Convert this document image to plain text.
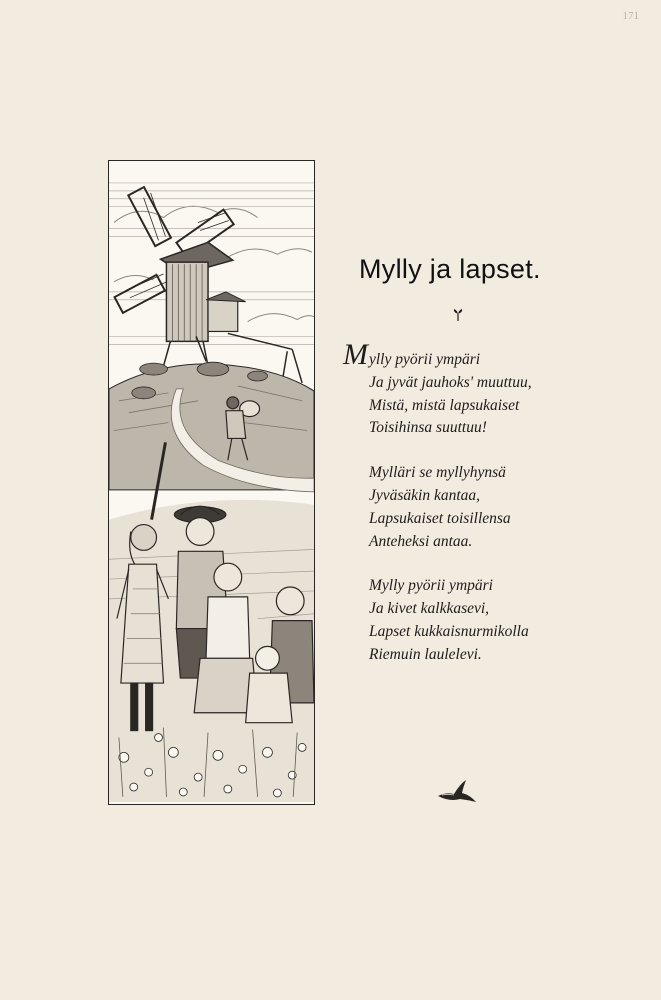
171
Mylly ja lapset.
Mylly pyörii ympäri
Ja jyvät jauhoks' muuttuu,
Mistä, mistä lapsukaiset
Toisihinsa suuttuu!
Mylläri se myllyhynsä
Jyväsäkin kantaa,
Lapsukaiset toisillensa
Anteheksi antaa.
Mylly pyörii ympäri
Ja kivet kalkkasevi,
Lapset kukkaisnurmikolla
Riemuin laulelevi.
